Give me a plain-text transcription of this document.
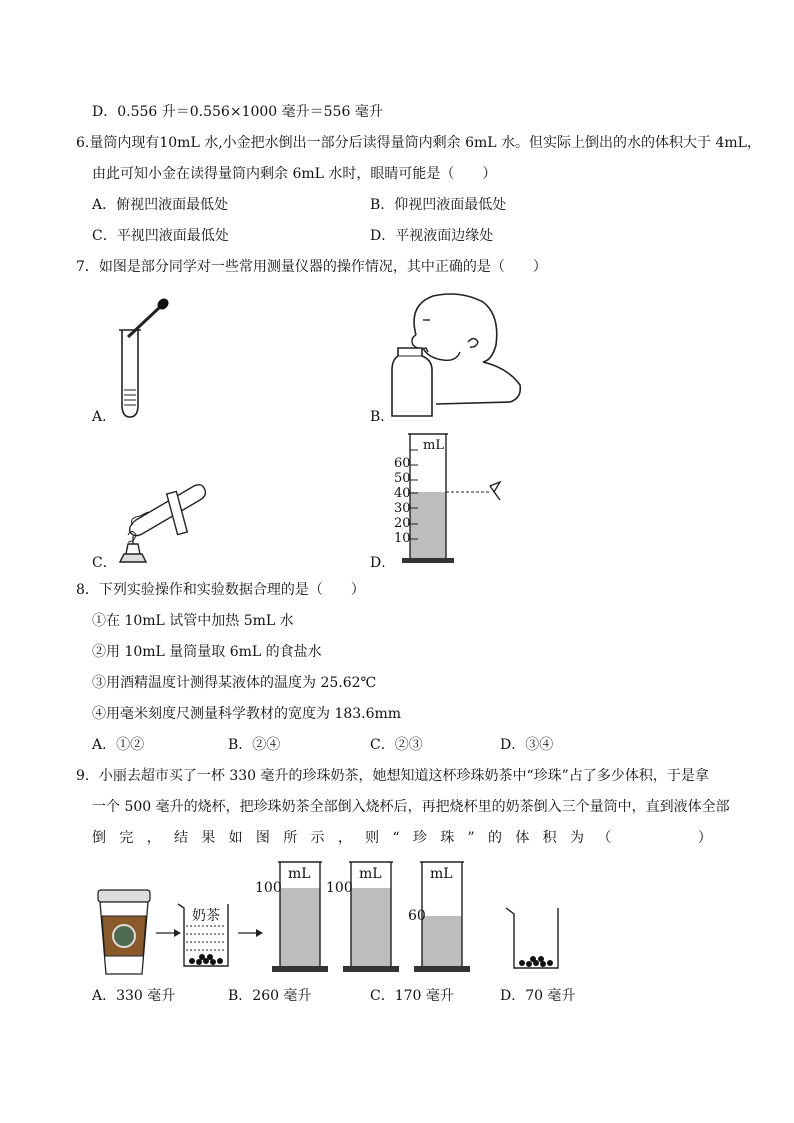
D．0.556 升＝0.556×1000 毫升＝556 毫升
6.量筒内现有10mL 水,小金把水倒出一部分后读得量筒内剩余 6mL 水。但实际上倒出的水的体积大于 4mL，
由此可知小金在读得量筒内剩余 6mL 水时，眼睛可能是（　　）
A．俯视凹液面最低处	B．仰视凹液面最低处
C．平视凹液面最低处	D．平视液面边缘处
7．如图是部分同学对一些常用测量仪器的操作情况，其中正确的是（　　）
A．	B．
C．
mL
60
50
40
30
20
10
D．
8．下列实验操作和实验数据合理的是（　　）
①在 10mL 试管中加热 5mL 水
②用 10mL 量筒量取 6mL 的食盐水
③用酒精温度计测得某液体的温度为 25.62℃
④用毫米刻度尺测量科学教材的宽度为 183.6mm
A．①②	B．②④	C．②③	D．③④
9．小丽去超市买了一杯 330 毫升的珍珠奶茶，她想知道这杯珍珠奶茶中“珍珠”占了多少体积，于是拿
一个 500 毫升的烧杯，把珍珠奶茶全部倒入烧杯后，再把烧杯里的奶茶倒入三个量筒中，直到液体全部
倒 完 ， 结 果 如 图 所 示 ， 则 “ 珍 珠 ” 的 体 积 为 （	）
奶茶
100
mL
100
mL
60
mL
A．330 毫升	B．260 毫升	C．170 毫升	D．70 毫升
